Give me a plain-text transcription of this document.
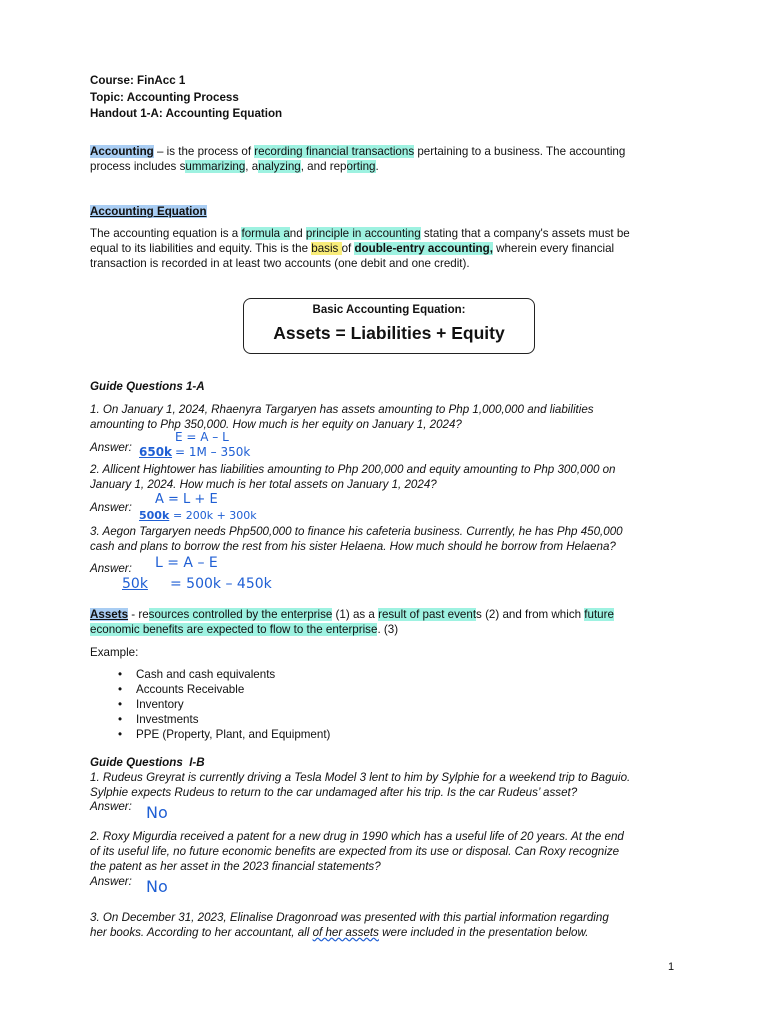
Course: FinAcc 1
Topic: Accounting Process
Handout 1-A: Accounting Equation
Accounting – is the process of recording financial transactions pertaining to a business. The accounting
process includes summarizing, analyzing, and reporting.
Accounting Equation
The accounting equation is a formula and principle in accounting stating that a company's assets must be
equal to its liabilities and equity. This is the basis of double-entry accounting, wherein every financial
transaction is recorded in at least two accounts (one debit and one credit).
Basic Accounting Equation:
Assets = Liabilities + Equity
Guide Questions 1-A
1. On January 1, 2024, Rhaenyra Targaryen has assets amounting to Php 1,000,000 and liabilities
amounting to Php 350,000. How much is her equity on January 1, 2024?
Answer:
E = A – L
650k = 1M – 350k
2. Allicent Hightower has liabilities amounting to Php 200,000 and equity amounting to Php 300,000 on
January 1, 2024. How much is her total assets on January 1, 2024?
Answer:
A = L + E
500k = 200k + 300k
3. Aegon Targaryen needs Php500,000 to finance his cafeteria business. Currently, he has Php 450,000
cash and plans to borrow the rest from his sister Helaena. How much should he borrow from Helaena?
Answer: L = A – E
50k = 500k – 450k
Assets - resources controlled by the enterprise (1) as a result of past events (2) and from which future
economic benefits are expected to flow to the enterprise. (3)
Example:
• Cash and cash equivalents
• Accounts Receivable
• Inventory
• Investments
• PPE (Property, Plant, and Equipment)
Guide Questions  I-B
1. Rudeus Greyrat is currently driving a Tesla Model 3 lent to him by Sylphie for a weekend trip to Baguio.
Sylphie expects Rudeus to return to the car undamaged after his trip. Is the car Rudeus’ asset?
Answer: No
2. Roxy Migurdia received a patent for a new drug in 1990 which has a useful life of 20 years. At the end
of its useful life, no future economic benefits are expected from its use or disposal. Can Roxy recognize
the patent as her asset in the 2023 financial statements?
Answer: No
3. On December 31, 2023, Elinalise Dragonroad was presented with this partial information regarding
her books. According to her accountant, all of her assets were included in the presentation below.
1
